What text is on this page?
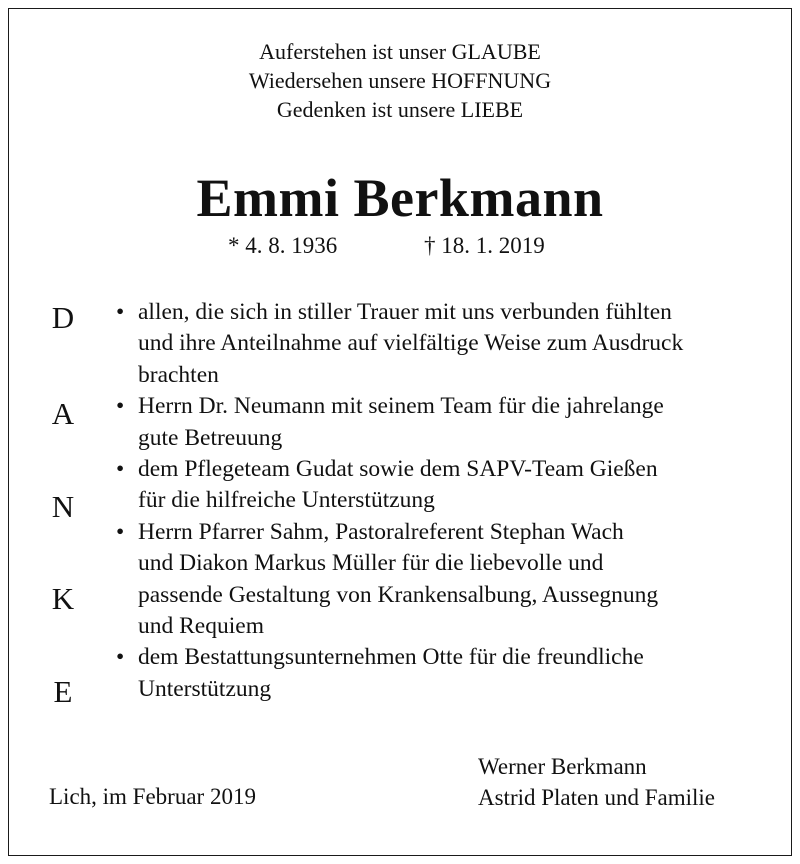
Auferstehen ist unser GLAUBE
Wiedersehen unsere HOFFNUNG
Gedenken ist unsere LIEBE
Emmi Berkmann
* 4. 8. 1936	† 18. 1. 2019
D
A
N
K
E
• allen, die sich in stiller Trauer mit uns verbunden fühlten
und ihre Anteilnahme auf vielfältige Weise zum Ausdruck
brachten
• Herrn Dr. Neumann mit seinem Team für die jahrelange
gute Betreuung
• dem Pflegeteam Gudat sowie dem SAPV-Team Gießen
für die hilfreiche Unterstützung
• Herrn Pfarrer Sahm, Pastoralreferent Stephan Wach
und Diakon Markus Müller für die liebevolle und
passende Gestaltung von Krankensalbung, Aussegnung
und Requiem
• dem Bestattungsunternehmen Otte für die freundliche
Unterstützung
Lich, im Februar 2019
Werner Berkmann
Astrid Platen und Familie
